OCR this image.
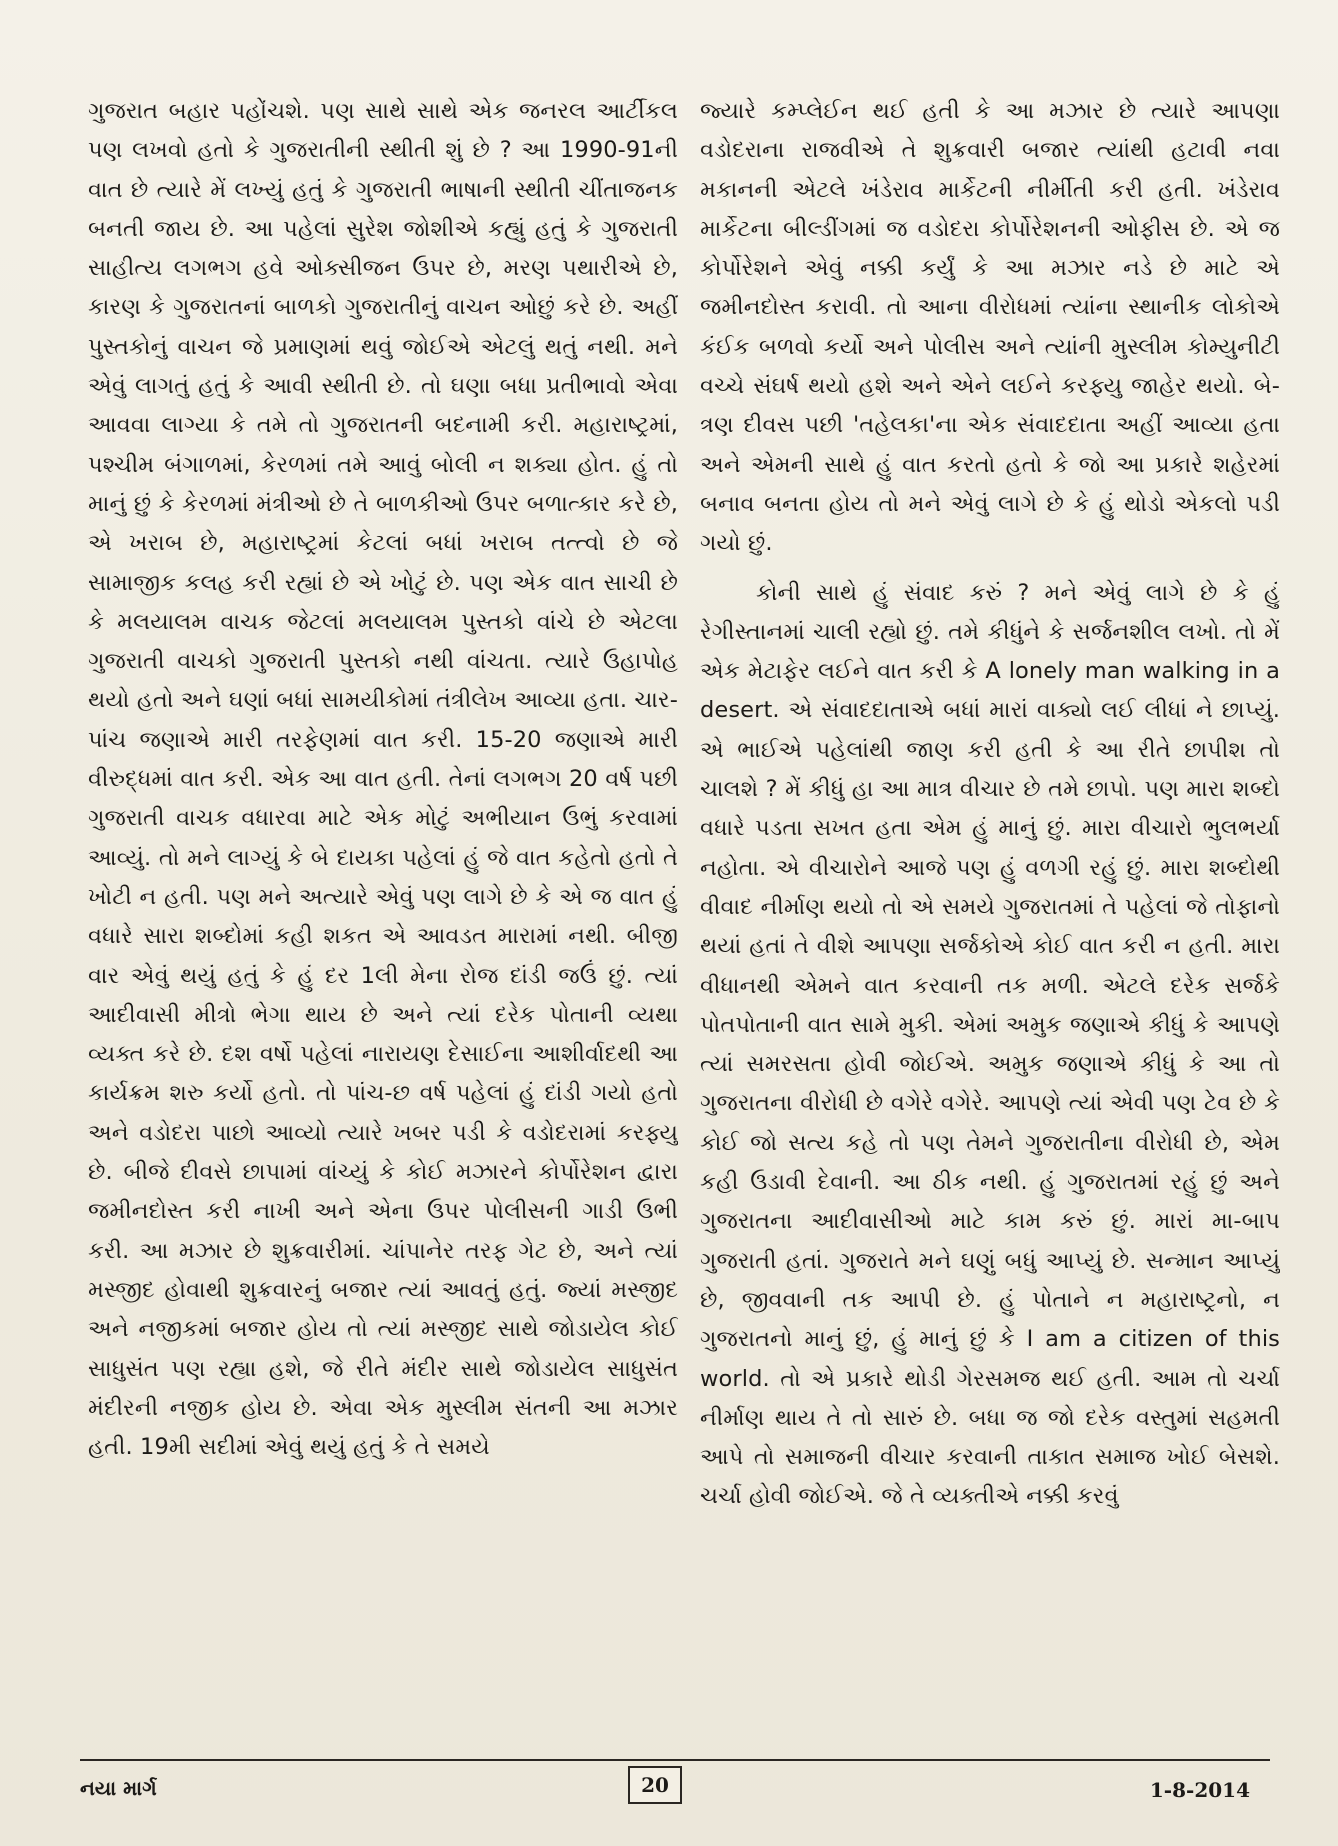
ગુજરાત બહાર પહોંચશે. પણ સાથે સાથે એક જનરલ આર્ટીકલ પણ લખવો હતો કે ગુજરાતીની સ્થીતી શું છે ? આ 1990-91ની વાત છે ત્યારે મેં લખ્યું હતું કે ગુજરાતી ભાષાની સ્થીતી ચીંતાજનક બનતી જાય છે. આ પહેલાં સુરેશ જોશીએ કહ્યું હતું કે ગુજરાતી સાહીત્ય લગભગ હવે ઓક્સીજન ઉપર છે, મરણ પથારીએ છે, કારણ કે ગુજરાતનાં બાળકો ગુજરાતીનું વાચન ઓછું કરે છે. અહીં પુસ્તકોનું વાચન જે પ્રમાણમાં થવું જોઈએ એટલું થતું નથી. મને એવું લાગતું હતું કે આવી સ્થીતી છે. તો ઘણા બધા પ્રતીભાવો એવા આવવા લાગ્યા કે તમે તો ગુજરાતની બદનામી કરી. મહારાષ્ટ્રમાં, પશ્ચીમ બંગાળમાં, કેરળમાં તમે આવું બોલી ન શક્યા હોત. હું તો માનું છું કે કેરળમાં મંત્રીઓ છે તે બાળકીઓ ઉપર બળાત્કાર કરે છે, એ ખરાબ છે, મહારાષ્ટ્રમાં કેટલાં બધાં ખરાબ તત્ત્વો છે જે સામાજીક કલહ કરી રહ્યાં છે એ ખોટું છે. પણ એક વાત સાચી છે કે મલયાલમ વાચક જેટલાં મલયાલમ પુસ્તકો વાંચે છે એટલા ગુજરાતી વાચકો ગુજરાતી પુસ્તકો નથી વાંચતા. ત્યારે ઉહાપોહ થયો હતો અને ઘણાં બધાં સામયીકોમાં તંત્રીલેખ આવ્યા હતા. ચાર-પાંચ જણાએ મારી તરફેણમાં વાત કરી. 15-20 જણાએ મારી વીરુદ્ધમાં વાત કરી. એક આ વાત હતી. તેનાં લગભગ 20 વર્ષ પછી ગુજરાતી વાચક વધારવા માટે એક મોટું અભીયાન ઉભું કરવામાં આવ્યું. તો મને લાગ્યું કે બે દાયકા પહેલાં હું જે વાત કહેતો હતો તે ખોટી ન હતી. પણ મને અત્યારે એવું પણ લાગે છે કે એ જ વાત હું વધારે સારા શબ્દોમાં કહી શકત એ આવડત મારામાં નથી. બીજી વાર એવું થયું હતું કે હું દર 1લી મેના રોજ દાંડી જઉં છું. ત્યાં આદીવાસી મીત્રો ભેગા થાય છે અને ત્યાં દરેક પોતાની વ્યથા વ્યક્ત કરે છે. દશ વર્ષો પહેલાં નારાયણ દેસાઈના આશીર્વાદથી આ કાર્યક્રમ શરુ કર્યો હતો. તો પાંચ-છ વર્ષ પહેલાં હું દાંડી ગયો હતો અને વડોદરા પાછો આવ્યો ત્યારે ખબર પડી કે વડોદરામાં કરફ્યુ છે. બીજે દીવસે છાપામાં વાંચ્યું કે કોઈ મઝારને કોર્પોરેશન દ્વારા જમીનદોસ્ત કરી નાખી અને એના ઉપર પોલીસની ગાડી ઉભી કરી. આ મઝાર છે શુક્રવારીમાં. ચાંપાનેર તરફ ગેટ છે, અને ત્યાં મસ્જીદ હોવાથી શુક્રવારનું બજાર ત્યાં આવતું હતું. જ્યાં મસ્જીદ અને નજીકમાં બજાર હોય તો ત્યાં મસ્જીદ સાથે જોડાયેલ કોઈ સાધુસંત પણ રહ્યા હશે, જે રીતે મંદીર સાથે જોડાયેલ સાધુસંત મંદીરની નજીક હોય છે. એવા એક મુસ્લીમ સંતની આ મઝાર હતી. 19મી સદીમાં એવું થયું હતું કે તે સમયે

જ્યારે કમ્પ્લેઈન થઈ હતી કે આ મઝાર છે ત્યારે આપણા વડોદરાના રાજવીએ તે શુક્રવારી બજાર ત્યાંથી હટાવી નવા મકાનની એટલે ખંડેરાવ માર્કેટની નીર્મીતી કરી હતી. ખંડેરાવ માર્કેટના બીલ્ડીંગમાં જ વડોદરા કોર્પોરેશનની ઓફીસ છે. એ જ કોર્પોરેશને એવું નક્કી કર્યું કે આ મઝાર નડે છે માટે એ જમીનદોસ્ત કરાવી. તો આના વીરોધમાં ત્યાંના સ્થાનીક લોકોએ કંઈક બળવો કર્યો અને પોલીસ અને ત્યાંની મુસ્લીમ કોમ્યુનીટી વચ્ચે સંઘર્ષ થયો હશે અને એને લઈને કરફ્યુ જાહેર થયો. બે-ત્રણ દીવસ પછી 'તહેલકા'ના એક સંવાદદાતા અહીં આવ્યા હતા અને એમની સાથે હું વાત કરતો હતો કે જો આ પ્રકારે શહેરમાં બનાવ બનતા હોય તો મને એવું લાગે છે કે હું થોડો એકલો પડી ગયો છું.

કોની સાથે હું સંવાદ કરું ? મને એવું લાગે છે કે હું રેગીસ્તાનમાં ચાલી રહ્યો છું. તમે કીધુંને કે સર્જનશીલ લખો. તો મેં એક મેટાફેર લઈને વાત કરી કે A lonely man walking in a desert. એ સંવાદદાતાએ બધાં મારાં વાક્યો લઈ લીધાં ને છાપ્યું. એ ભાઈએ પહેલાંથી જાણ કરી હતી કે આ રીતે છાપીશ તો ચાલશે ? મેં કીધું હા આ માત્ર વીચાર છે તમે છાપો. પણ મારા શબ્દો વધારે પડતા સખત હતા એમ હું માનું છું. મારા વીચારો ભુલભર્યા નહોતા. એ વીચારોને આજે પણ હું વળગી રહું છું. મારા શબ્દોથી વીવાદ નીર્માણ થયો તો એ સમયે ગુજરાતમાં તે પહેલાં જે તોફાનો થયાં હતાં તે વીશે આપણા સર્જકોએ કોઈ વાત કરી ન હતી. મારા વીધાનથી એમને વાત કરવાની તક મળી. એટલે દરેક સર્જકે પોતપોતાની વાત સામે મુકી. એમાં અમુક જણાએ કીધું કે આપણે ત્યાં સમરસતા હોવી જોઈએ. અમુક જણાએ કીધું કે આ તો ગુજરાતના વીરોધી છે વગેરે વગેરે. આપણે ત્યાં એવી પણ ટેવ છે કે કોઈ જો સત્ય કહે તો પણ તેમને ગુજરાતીના વીરોધી છે, એમ કહી ઉડાવી દેવાની. આ ઠીક નથી. હું ગુજરાતમાં રહું છું અને ગુજરાતના આદીવાસીઓ માટે કામ કરું છું. મારાં મા-બાપ ગુજરાતી હતાં. ગુજરાતે મને ઘણું બધું આપ્યું છે. સન્માન આપ્યું છે, જીવવાની તક આપી છે. હું પોતાને ન મહારાષ્ટ્રનો, ન ગુજરાતનો માનું છું, હું માનું છું કે I am a citizen of this world. તો એ પ્રકારે થોડી ગેરસમજ થઈ હતી. આમ તો ચર્ચા નીર્માણ થાય તે તો સારું છે. બધા જ જો દરેક વસ્તુમાં સહમતી આપે તો સમાજની વીચાર કરવાની તાકાત સમાજ ખોઈ બેસશે. ચર્ચા હોવી જોઈએ. જે તે વ્યક્તીએ નક્કી કરવું

નયા માર્ગ	20	1-8-2014
